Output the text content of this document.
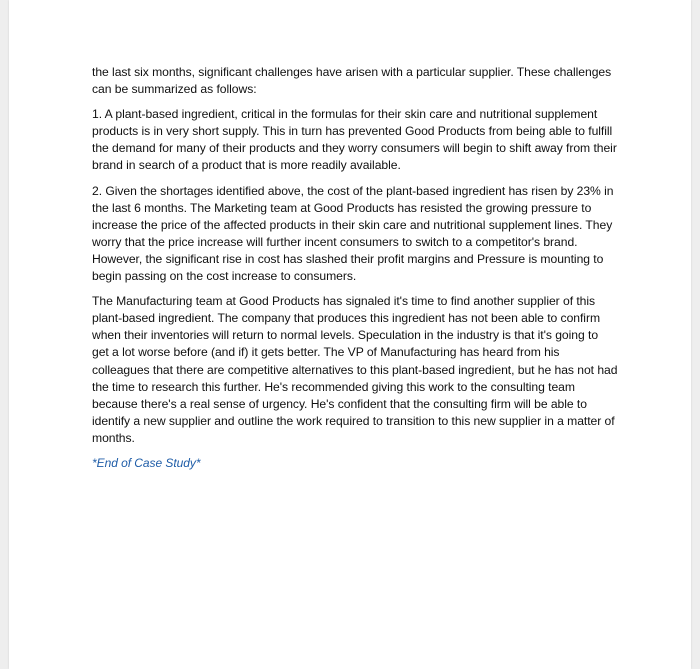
the last six months, significant challenges have arisen with a particular supplier. These challenges can be summarized as follows:

1. A plant-based ingredient, critical in the formulas for their skin care and nutritional supplement products is in very short supply. This in turn has prevented Good Products from being able to fulfill the demand for many of their products and they worry consumers will begin to shift away from their brand in search of a product that is more readily available.

2. Given the shortages identified above, the cost of the plant-based ingredient has risen by 23% in the last 6 months. The Marketing team at Good Products has resisted the growing pressure to increase the price of the affected products in their skin care and nutritional supplement lines. They worry that the price increase will further incent consumers to switch to a competitor's brand. However, the significant rise in cost has slashed their profit margins and Pressure is mounting to begin passing on the cost increase to consumers.

The Manufacturing team at Good Products has signaled it's time to find another supplier of this plant-based ingredient. The company that produces this ingredient has not been able to confirm when their inventories will return to normal levels. Speculation in the industry is that it's going to get a lot worse before (and if) it gets better. The VP of Manufacturing has heard from his colleagues that there are competitive alternatives to this plant-based ingredient, but he has not had the time to research this further. He's recommended giving this work to the consulting team because there's a real sense of urgency. He's confident that the consulting firm will be able to identify a new supplier and outline the work required to transition to this new supplier in a matter of months.

*End of Case Study*
